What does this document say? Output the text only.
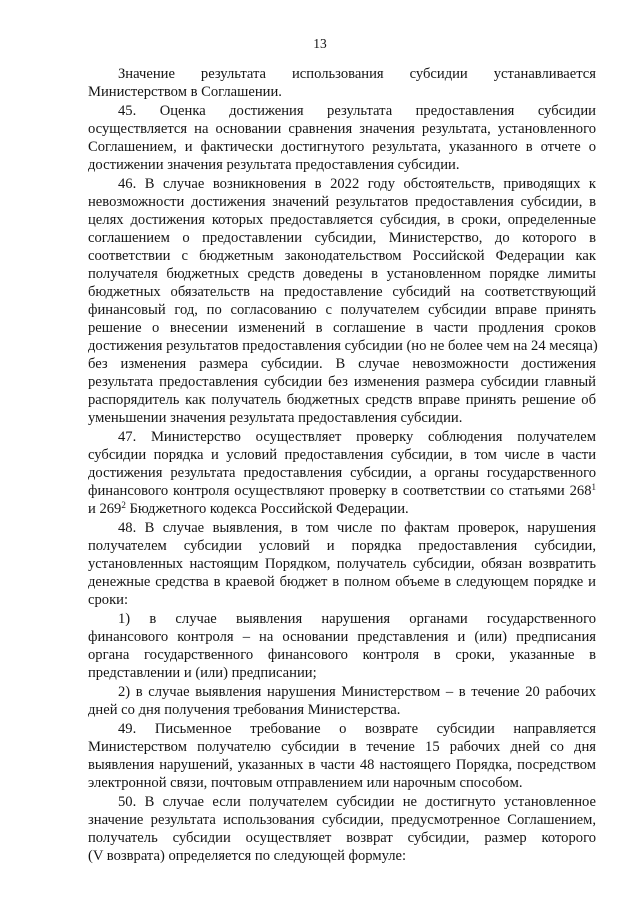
13
Значение результата использования субсидии устанавливается
Министерством в Соглашении.
45. Оценка достижения результата предоставления субсидии
осуществляется на основании сравнения значения результата, установленного
Соглашением, и фактически достигнутого результата, указанного в отчете о
достижении значения результата предоставления субсидии.
46. В случае возникновения в 2022 году обстоятельств, приводящих к
невозможности достижения значений результатов предоставления субсидии, в
целях достижения которых предоставляется субсидия, в сроки, определенные
соглашением о предоставлении субсидии, Министерство, до которого в
соответствии с бюджетным законодательством Российской Федерации как
получателя бюджетных средств доведены в установленном порядке лимиты
бюджетных обязательств на предоставление субсидий на соответствующий
финансовый год, по согласованию с получателем субсидии вправе принять
решение о внесении изменений в соглашение в части продления сроков
достижения результатов предоставления субсидии (но не более чем на 24 месяца)
без изменения размера субсидии. В случае невозможности достижения
результата предоставления субсидии без изменения размера субсидии главный
распорядитель как получатель бюджетных средств вправе принять решение об
уменьшении значения результата предоставления субсидии.
47. Министерство осуществляет проверку соблюдения получателем
субсидии порядка и условий предоставления субсидии, в том числе в части
достижения результата предоставления субсидии, а органы государственного
финансового контроля осуществляют проверку в соответствии со статьями $268^1$
и $269^2$ Бюджетного кодекса Российской Федерации.
48. В случае выявления, в том числе по фактам проверок, нарушения
получателем субсидии условий и порядка предоставления субсидии,
установленных настоящим Порядком, получатель субсидии, обязан возвратить
денежные средства в краевой бюджет в полном объеме в следующем порядке и
сроки:
1) в случае выявления нарушения органами государственного
финансового контроля – на основании представления и (или) предписания
органа государственного финансового контроля в сроки, указанные в
представлении и (или) предписании;
2) в случае выявления нарушения Министерством – в течение 20 рабочих
дней со дня получения требования Министерства.
49. Письменное требование о возврате субсидии направляется
Министерством получателю субсидии в течение 15 рабочих дней со дня
выявления нарушений, указанных в части 48 настоящего Порядка, посредством
электронной связи, почтовым отправлением или нарочным способом.
50. В случае если получателем субсидии не достигнуто установленное
значение результата использования субсидии, предусмотренное Соглашением,
получатель субсидии осуществляет возврат субсидии, размер которого
(V возврата) определяется по следующей формуле:
